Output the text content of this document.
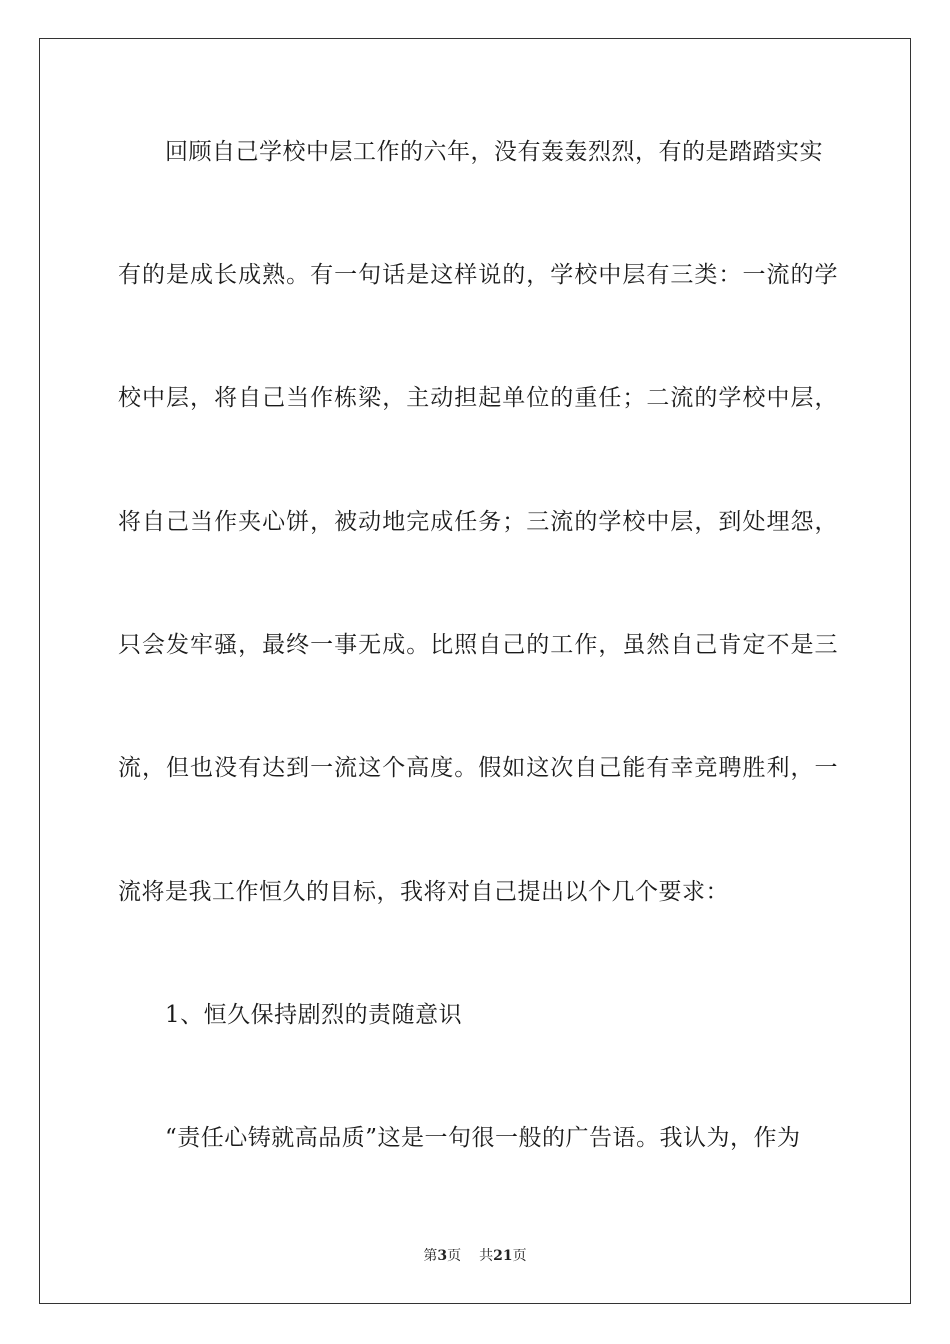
回顾自己学校中层工作的六年，没有轰轰烈烈，有的是踏踏实实
有的是成长成熟。有一句话是这样说的，学校中层有三类：一流的学
校中层，将自己当作栋梁，主动担起单位的重任；二流的学校中层，
将自己当作夹心饼，被动地完成任务；三流的学校中层，到处埋怨，
只会发牢骚，最终一事无成。比照自己的工作，虽然自己肯定不是三
流，但也没有达到一流这个高度。假如这次自己能有幸竞聘胜利，一
流将是我工作恒久的目标，我将对自己提出以个几个要求：
1、恒久保持剧烈的责随意识
“责任心铸就高品质”这是一句很一般的广告语。我认为，作为
第3页 共21页
